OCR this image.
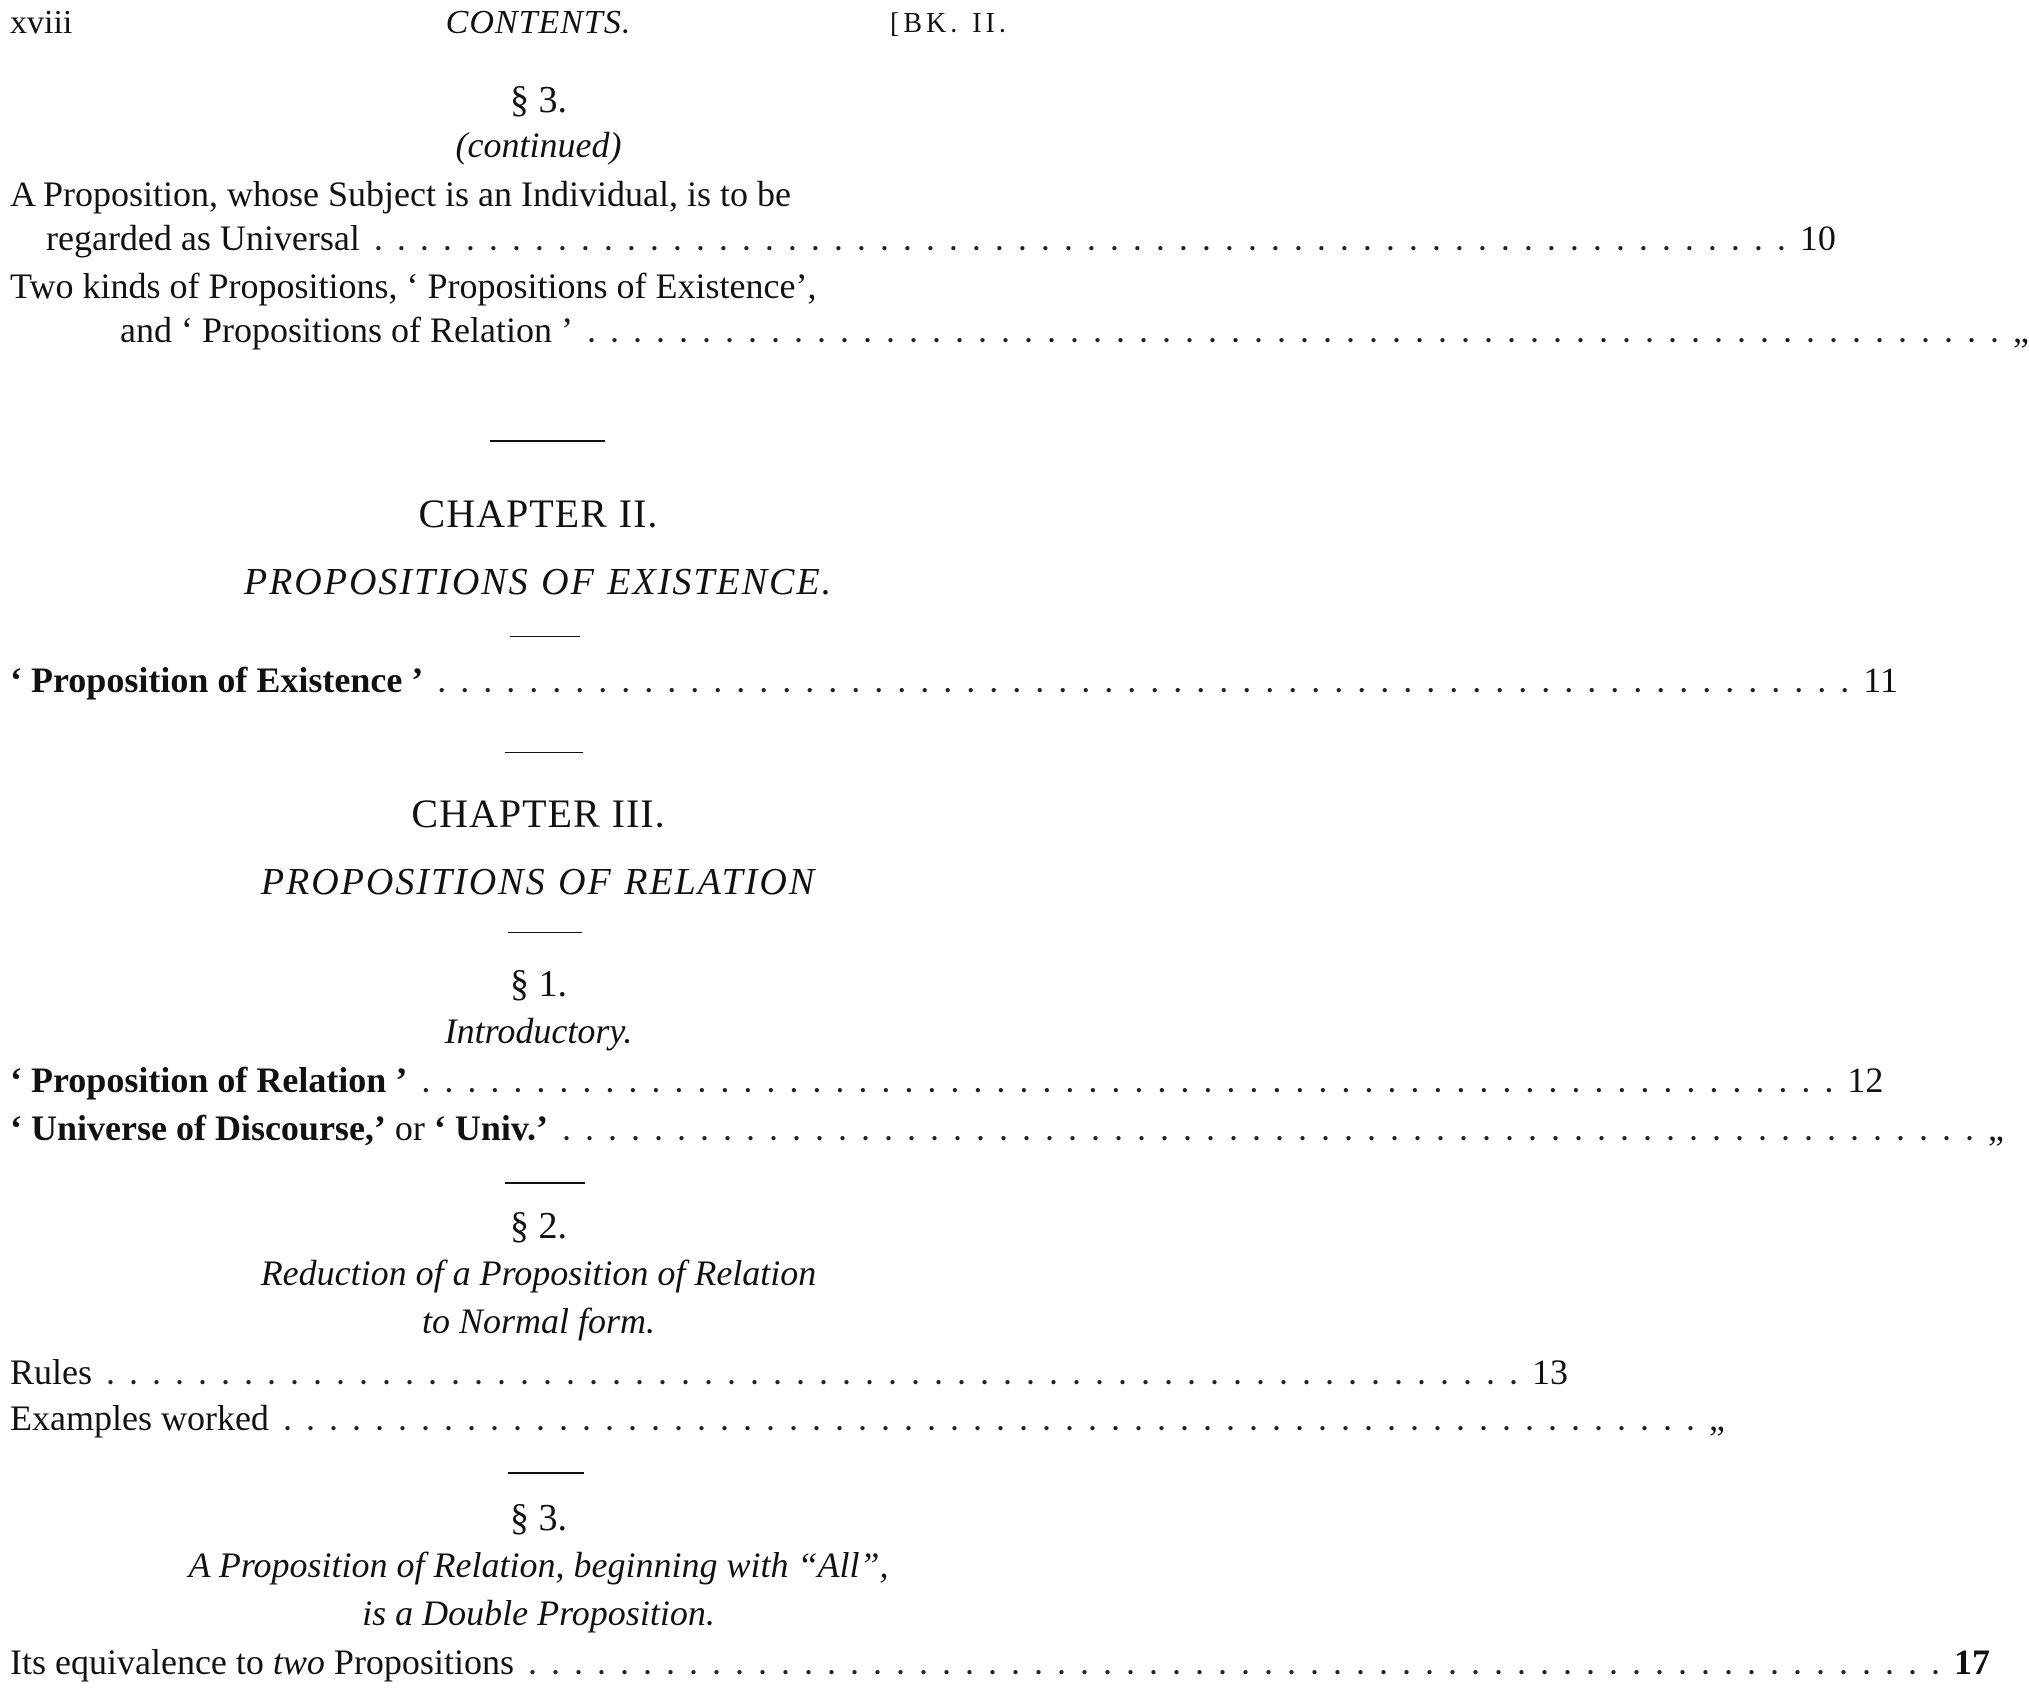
xviii	CONTENTS.	[BK. II.
§ 3.
(continued)
A Proposition, whose Subject is an Individual, is to be
regarded as Universal .............................................................. 10
Two kinds of Propositions, ‘ Propositions of Existence’,
and ‘ Propositions of Relation ’ .............................................................. „
CHAPTER II.
PROPOSITIONS OF EXISTENCE.
‘ Proposition of Existence ’ .............................................................. 11
CHAPTER III.
PROPOSITIONS OF RELATION
§ 1.
Introductory.
‘ Proposition of Relation ’ .............................................................. 12
‘ Universe of Discourse,’ or ‘ Univ.’ .............................................................. „
§ 2.
Reduction of a Proposition of Relation
to Normal form.
Rules .............................................................. 13
Examples worked .............................................................. „
§ 3.
A Proposition of Relation, beginning with “All”,
is a Double Proposition.
Its equivalence to two Propositions .............................................................. 17
